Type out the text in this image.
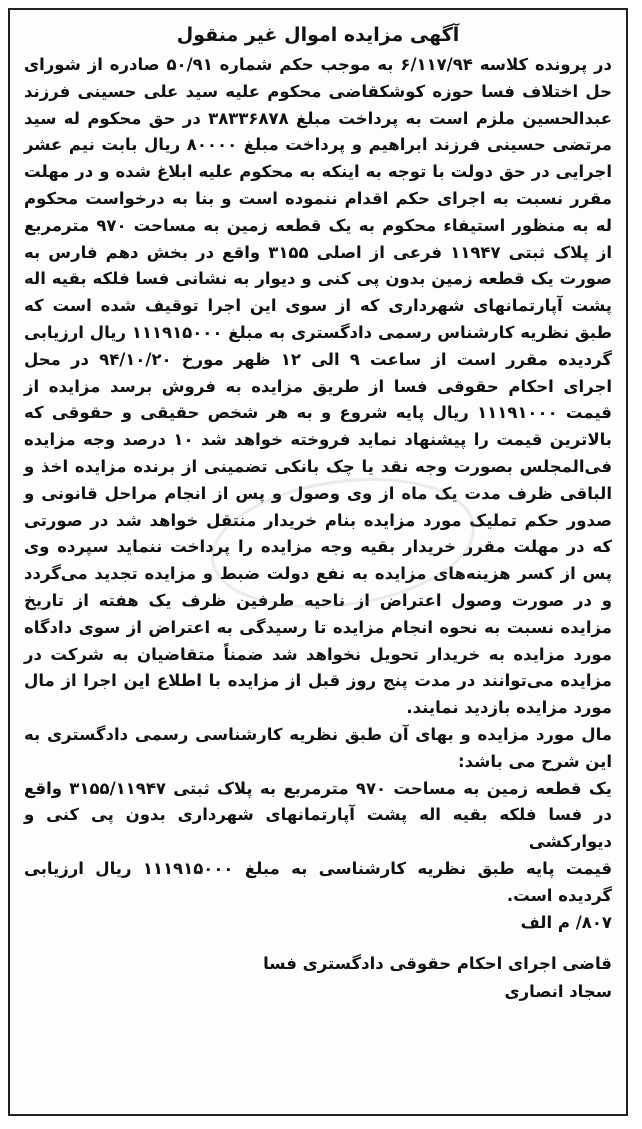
آگهی مزایده اموال غیر منقول

در پرونده کلاسه ۶/۱۱۷/۹۴ به موجب حکم شماره ۵۰/۹۱ صادره از شورای حل اختلاف فسا حوزه کوشکقاضی محکوم علیه سید علی حسینی فرزند عبدالحسین ملزم است به پرداخت مبلغ ۳۸۳۳۶۸۷۸ در حق محکوم له سید مرتضی حسینی فرزند ابراهیم و پرداخت مبلغ ۸۰۰۰۰ ریال بابت نیم عشر اجرایی در حق دولت با توجه به اینکه به محکوم علیه ابلاغ شده و در مهلت مقرر نسبت به اجرای حکم اقدام ننموده است و بنا به درخواست محکوم له به منظور استیفاء محکوم به یک قطعه زمین به مساحت ۹۷۰ مترمربع از پلاک ثبتی ۱۱۹۴۷ فرعی از اصلی ۳۱۵۵ واقع در بخش دهم فارس به صورت یک قطعه زمین بدون پی کنی و دیوار به نشانی فسا فلکه بقیه اله پشت آپارتمانهای شهرداری که از سوی این اجرا توقیف شده است که طبق نظریه کارشناس رسمی دادگستری به مبلغ ۱۱۱۹۱۵۰۰۰ ریال ارزیابی گردیده مقرر است از ساعت ۹ الی ۱۲ ظهر مورخ ۹۴/۱۰/۲۰ در محل اجرای احکام حقوقی فسا از طریق مزایده به فروش برسد مزایده از قیمت ۱۱۱۹۱۰۰۰ ریال پایه شروع و به هر شخص حقیقی و حقوقی که بالاترین قیمت را پیشنهاد نماید فروخته خواهد شد ۱۰ درصد وجه مزایده فی‌المجلس بصورت وجه نقد یا چک بانکی تضمینی از برنده مزایده اخذ و الباقی ظرف مدت یک ماه از وی وصول و پس از انجام مراحل قانونی و صدور حکم تملیک مورد مزایده بنام خریدار منتقل خواهد شد در صورتی که در مهلت مقرر خریدار بقیه وجه مزایده را پرداخت ننماید سپرده وی پس از کسر هزینه‌های مزایده به نفع دولت ضبط و مزایده تجدید می‌گردد و در صورت وصول اعتراض از ناحیه طرفین ظرف یک هفته از تاریخ مزایده نسبت به نحوه انجام مزایده تا رسیدگی به اعتراض از سوی دادگاه مورد مزایده به خریدار تحویل نخواهد شد ضمناً متقاضیان به شرکت در مزایده می‌توانند در مدت پنج روز قبل از مزایده با اطلاع این اجرا از مال مورد مزایده بازدید نمایند.

مال مورد مزایده و بهای آن طبق نظریه کارشناسی رسمی دادگستری به این شرح می باشد:

یک قطعه زمین به مساحت ۹۷۰ مترمربع به پلاک ثبتی ۳۱۵۵/۱۱۹۴۷ واقع در فسا فلکه بقیه اله پشت آپارتمانهای شهرداری بدون پی کنی و دیوارکشی

قیمت پایه طبق نظریه کارشناسی به مبلغ ۱۱۱۹۱۵۰۰۰ ریال ارزیابی گردیده است.

۸۰۷/ م الف

قاضی اجرای احکام حقوقی دادگستری فسا
سجاد انصاری
